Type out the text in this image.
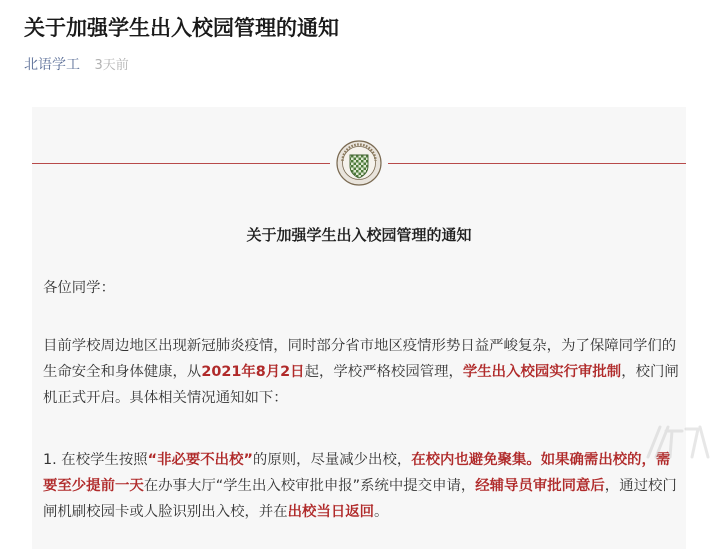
关于加强学生出入校园管理的通知
北语学工 3天前
关于加强学生出入校园管理的通知

各位同学：

目前学校周边地区出现新冠肺炎疫情，同时部分省市地区疫情形势日益严峻复杂，为了保障同学们的生命安全和身体健康，从2021年8月2日起，学校严格校园管理，学生出入校园实行审批制，校门闸机正式开启。具体相关情况通知如下：

1. 在校学生按照“非必要不出校”的原则，尽量减少出校，在校内也避免聚集。如果确需出校的，需要至少提前一天在办事大厅“学生出入校审批申报”系统中提交申请，经辅导员审批同意后，通过校门闸机刷校园卡或人脸识别出入校，并在出校当日返回。
